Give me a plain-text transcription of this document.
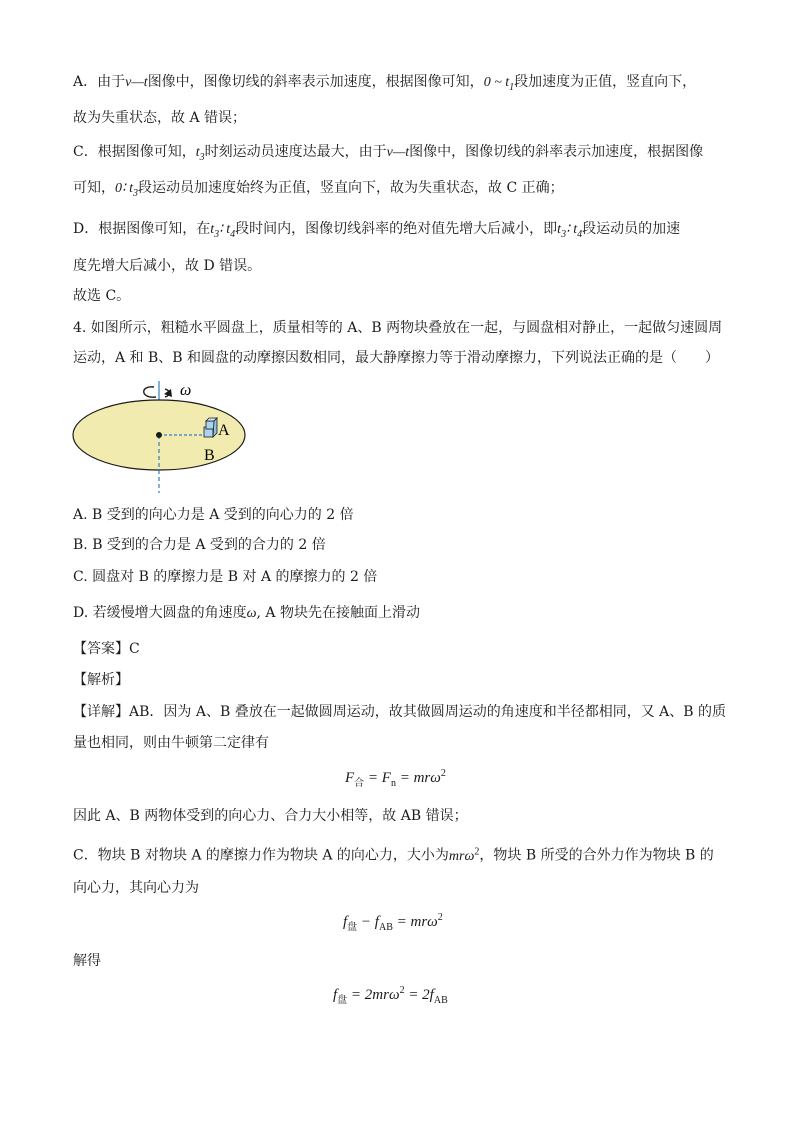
A．由于v—t图像中，图像切线的斜率表示加速度，根据图像可知，0 ~ $t_1$段加速度为正值，竖直向下，
故为失重状态，故 A 错误；
C．根据图像可知，$t_3$时刻运动员速度达最大，由于v—t图像中，图像切线的斜率表示加速度，根据图像
可知，0∶ $t_3$段运动员加速度始终为正值，竖直向下，故为失重状态，故 C 正确；
D．根据图像可知，在$t_3∶$ $t_4$段时间内，图像切线斜率的绝对值先增大后减小，即$t_3∶$ $t_4$段运动员的加速
度先增大后减小，故 D 错误。
故选 C。
4. 如图所示，粗糙水平圆盘上，质量相等的 A、B 两物块叠放在一起，与圆盘相对静止，一起做匀速圆周
运动，A 和 B、B 和圆盘的动摩擦因数相同，最大静摩擦力等于滑动摩擦力，下列说法正确的是（　　）
ω
A
B
A. B 受到的向心力是 A 受到的向心力的 2 倍
B. B 受到的合力是 A 受到的合力的 2 倍
C. 圆盘对 B 的摩擦力是 B 对 A 的摩擦力的 2 倍
D. 若缓慢增大圆盘的角速度ω, A 物块先在接触面上滑动
【答案】C
【解析】
【详解】AB．因为 A、B 叠放在一起做圆周运动，故其做圆周运动的角速度和半径都相同，又 A、B 的质
量也相同，则由牛顿第二定律有
$F_合 = F_n = mr\omega^2$
因此 A、B 两物体受到的向心力、合力大小相等，故 AB 错误；
C．物块 B 对物块 A 的摩擦力作为物块 A 的向心力，大小为mrω$^2$，物块 B 所受的合外力作为物块 B 的
向心力，其向心力为
$f_盘 - f_{AB} = mr\omega^2$
解得
$f_盘 = 2mr\omega^2 = 2f_{AB}$
